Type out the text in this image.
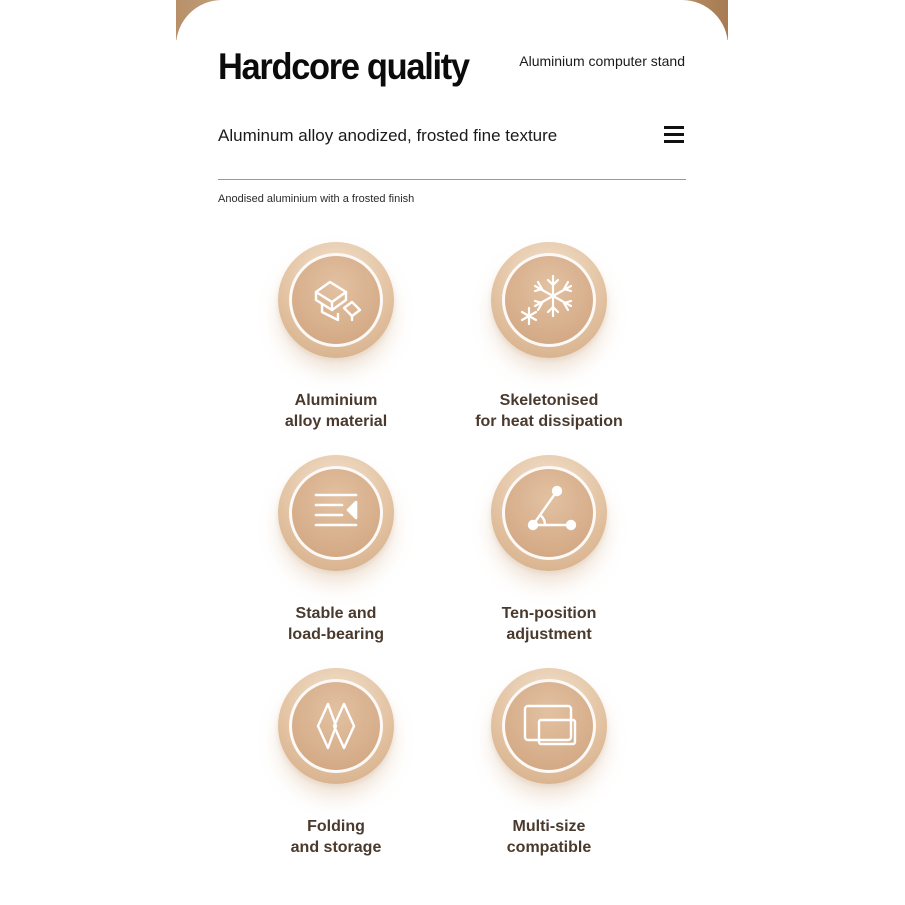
Hardcore quality	Aluminium computer stand
Aluminum alloy anodized, frosted fine texture
Anodised aluminium with a frosted finish
Aluminium
alloy material
Skeletonised
for heat dissipation
Stable and
load-bearing
Ten-position
adjustment
Folding
and storage
Multi-size
compatible
